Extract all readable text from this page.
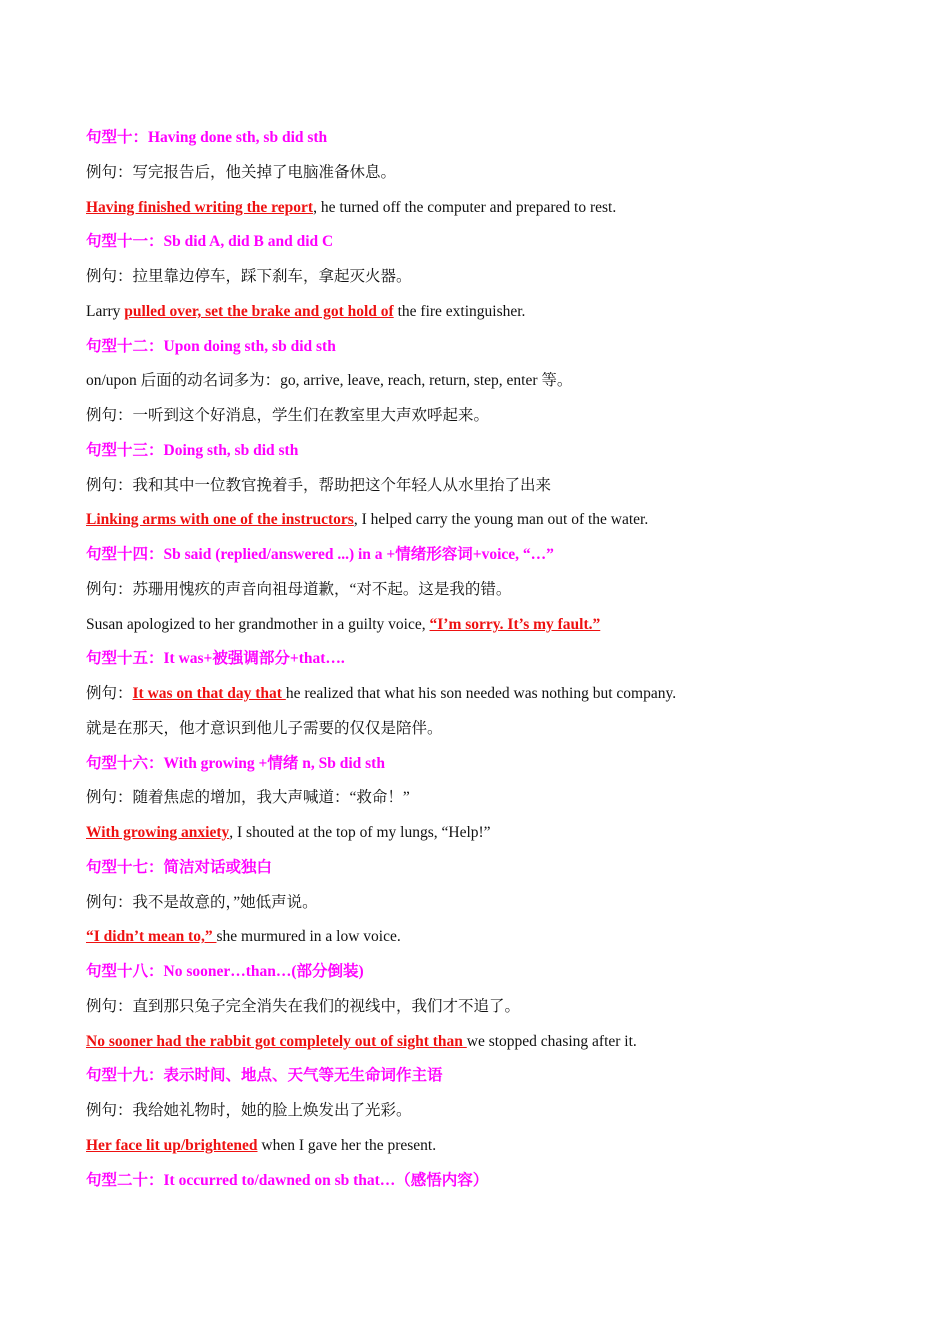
句型十：Having done sth, sb did sth
例句：写完报告后，他关掉了电脑准备休息。
Having finished writing the report, he turned off the computer and prepared to rest.
句型十一：Sb did A, did B and did C
例句：拉里靠边停车，踩下刹车，拿起灭火器。
Larry pulled over, set the brake and got hold of the fire extinguisher.
句型十二：Upon doing sth, sb did sth
on/upon 后面的动名词多为：go, arrive, leave, reach, return, step, enter 等。
例句：一听到这个好消息，学生们在教室里大声欢呼起来。
句型十三：Doing sth, sb did sth
例句：我和其中一位教官挽着手，帮助把这个年轻人从水里抬了出来
Linking arms with one of the instructors, I helped carry the young man out of the water.
句型十四：Sb said (replied/answered ...) in a +情绪形容词+voice, “…”
例句：苏珊用愧疚的声音向祖母道歉，“对不起。这是我的错。
Susan apologized to her grandmother in a guilty voice, “I’m sorry. It’s my fault.”
句型十五：It was+被强调部分+that….
例句：It was on that day that he realized that what his son needed was nothing but company.
就是在那天，他才意识到他儿子需要的仅仅是陪伴。
句型十六：With growing +情绪 n, Sb did sth
例句：随着焦虑的增加，我大声喊道：“救命！”
With growing anxiety, I shouted at the top of my lungs, “Help!”
句型十七：简洁对话或独白
例句：我不是故意的，”她低声说。
“I didn’t mean to,” she murmured in a low voice.
句型十八：No sooner…than…(部分倒装)
例句：直到那只兔子完全消失在我们的视线中，我们才不追了。
No sooner had the rabbit got completely out of sight than we stopped chasing after it.
句型十九：表示时间、地点、天气等无生命词作主语
例句：我给她礼物时，她的脸上焕发出了光彩。
Her face lit up/brightened when I gave her the present.
句型二十：It occurred to/dawned on sb that…（感悟内容）
